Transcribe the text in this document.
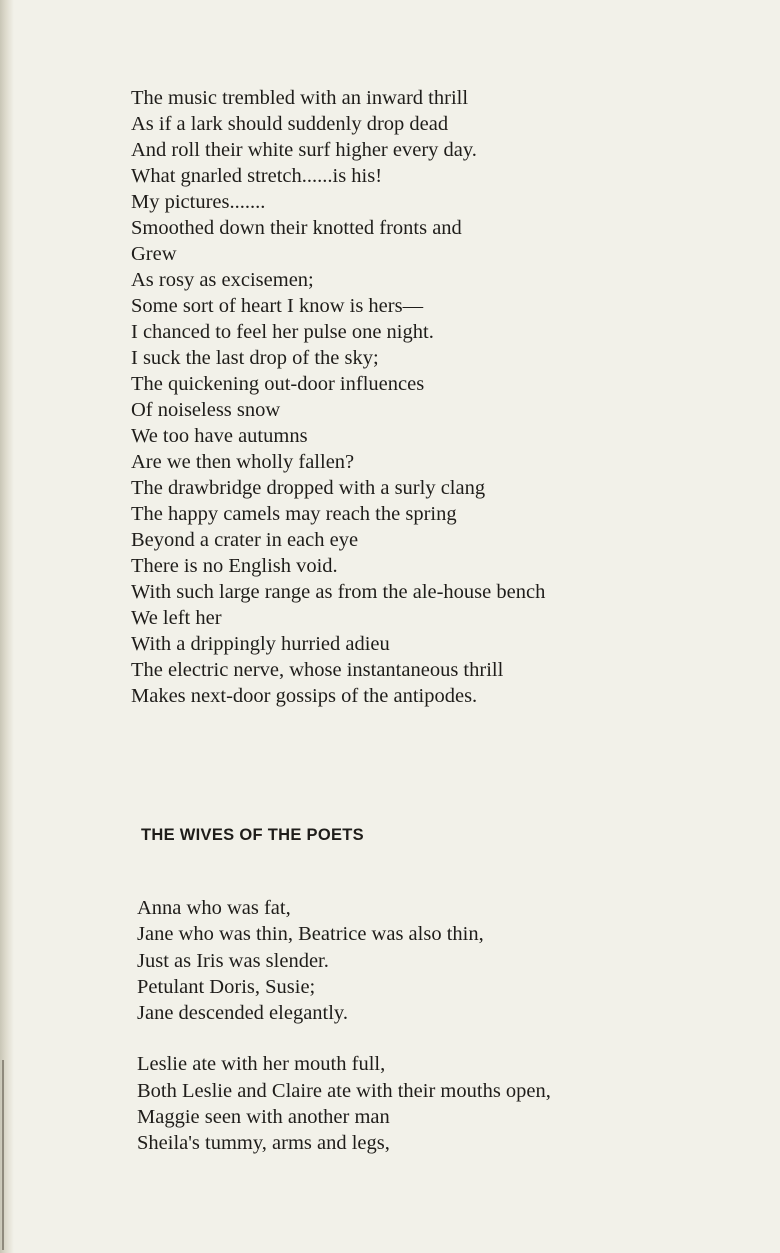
The music trembled with an inward thrill
As if a lark should suddenly drop dead
And roll their white surf higher every day.
What gnarled stretch......is his!
My pictures.......
Smoothed down their knotted fronts and
Grew
As rosy as excisemen;
Some sort of heart I know is hers—
I chanced to feel her pulse one night.
I suck the last drop of the sky;
The quickening out-door influences
Of noiseless snow
We too have autumns
Are we then wholly fallen?
The drawbridge dropped with a surly clang
The happy camels may reach the spring
Beyond a crater in each eye
There is no English void.
With such large range as from the ale-house bench
We left her
With a drippingly hurried adieu
The electric nerve, whose instantaneous thrill
Makes next-door gossips of the antipodes.
THE WIVES OF THE POETS
Anna who was fat,
Jane who was thin, Beatrice was also thin,
Just as Iris was slender.
Petulant Doris, Susie;
Jane descended elegantly.
Leslie ate with her mouth full,
Both Leslie and Claire ate with their mouths open,
Maggie seen with another man
Sheila's tummy, arms and legs,
